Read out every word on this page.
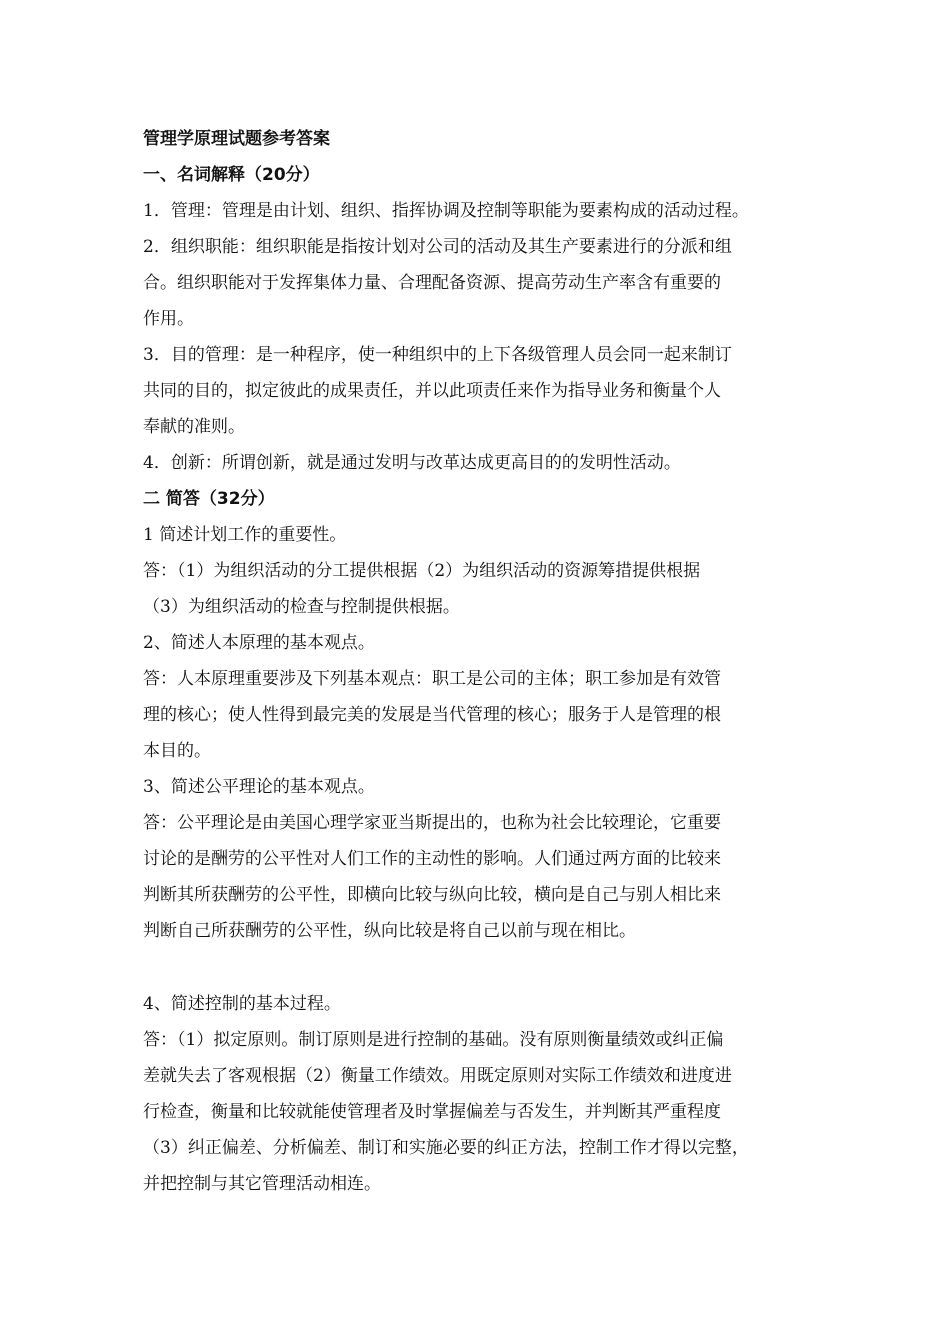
管理学原理试题参考答案
一、名词解释（20分）
1．管理：管理是由计划、组织、指挥协调及控制等职能为要素构成的活动过程。
2．组织职能：组织职能是指按计划对公司的活动及其生产要素进行的分派和组
合。组织职能对于发挥集体力量、合理配备资源、提高劳动生产率含有重要的
作用。
3．目的管理：是一种程序，使一种组织中的上下各级管理人员会同一起来制订
共同的目的，拟定彼此的成果责任，并以此项责任来作为指导业务和衡量个人
奉献的准则。
4．创新：所谓创新，就是通过发明与改革达成更高目的的发明性活动。
二 简答（32分）
1 简述计划工作的重要性。
答：（1）为组织活动的分工提供根据（2）为组织活动的资源筹措提供根据
（3）为组织活动的检查与控制提供根据。
2、简述人本原理的基本观点。
答：人本原理重要涉及下列基本观点：职工是公司的主体；职工参加是有效管
理的核心；使人性得到最完美的发展是当代管理的核心；服务于人是管理的根
本目的。
3、简述公平理论的基本观点。
答：公平理论是由美国心理学家亚当斯提出的，也称为社会比较理论，它重要
讨论的是酬劳的公平性对人们工作的主动性的影响。人们通过两方面的比较来
判断其所获酬劳的公平性，即横向比较与纵向比较，横向是自己与别人相比来
判断自己所获酬劳的公平性，纵向比较是将自己以前与现在相比。
4、简述控制的基本过程。
答：（1）拟定原则。制订原则是进行控制的基础。没有原则衡量绩效或纠正偏
差就失去了客观根据（2）衡量工作绩效。用既定原则对实际工作绩效和进度进
行检查，衡量和比较就能使管理者及时掌握偏差与否发生，并判断其严重程度
（3）纠正偏差、分析偏差、制订和实施必要的纠正方法，控制工作才得以完整，
并把控制与其它管理活动相连。
